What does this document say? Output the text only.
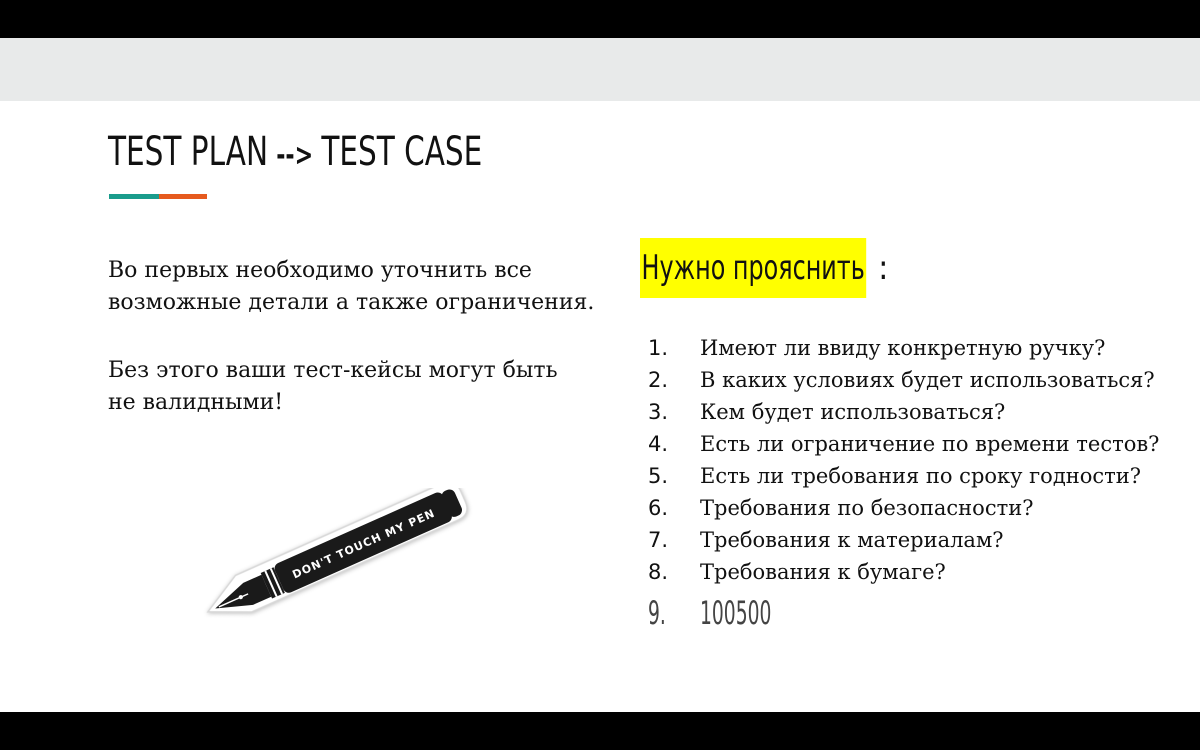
TEST PLAN --> TEST CASE

Во первых необходимо уточнить все
возможные детали а также ограничения.

Без этого ваши тест-кейсы могут быть
не валидными!

Нужно прояснить :
1.	Имеют ли ввиду конкретную ручку?
2.	В каких условиях будет использоваться?
3.	Кем будет использоваться?
4.	Есть ли ограничение по времени тестов?
5.	Есть ли требования по сроку годности?
6.	Требования по безопасности?
7.	Требования к материалам?
8.	Требования к бумаге?
9. 100500
DON'T TOUCH MY PEN
